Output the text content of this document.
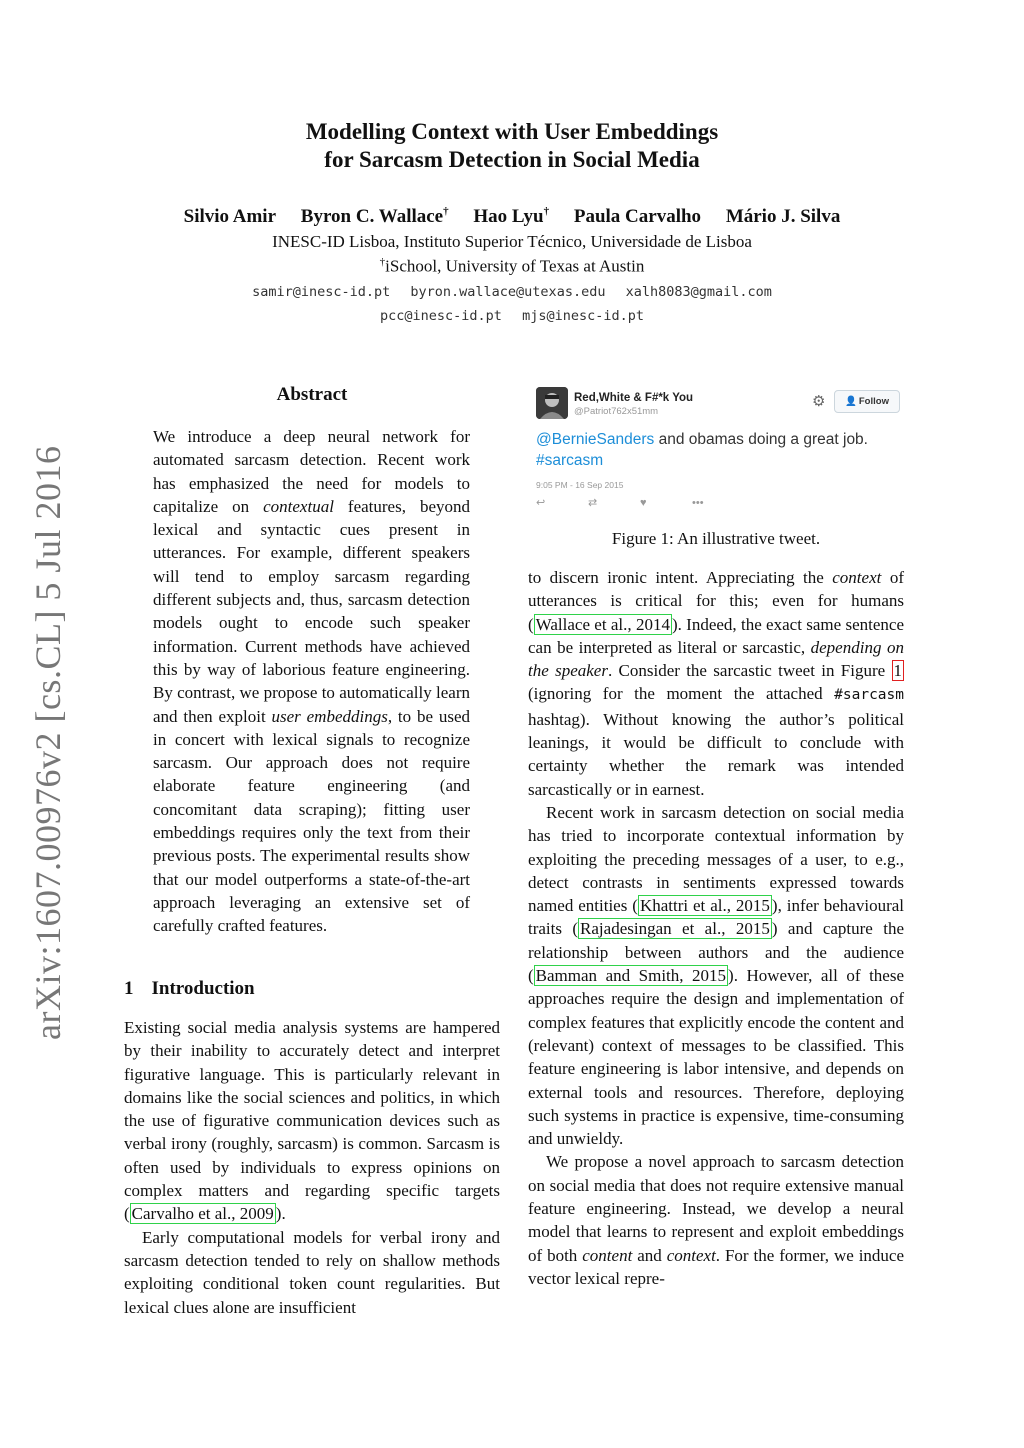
arXiv:1607.00976v2 [cs.CL] 5 Jul 2016
Modelling Context with User Embeddings
for Sarcasm Detection in Social Media
Silvio Amir Byron C. Wallace† Hao Lyu† Paula Carvalho Mário J. Silva
INESC-ID Lisboa, Instituto Superior Técnico, Universidade de Lisboa
†iSchool, University of Texas at Austin
samir@inesc-id.pt byron.wallace@utexas.edu xalh8083@gmail.com
pcc@inesc-id.pt mjs@inesc-id.pt
Abstract
We introduce a deep neural network for automated sarcasm detection. Recent work has emphasized the need for models to capitalize on contextual features, beyond lexical and syntactic cues present in utterances. For example, different speakers will tend to employ sarcasm regarding different subjects and, thus, sarcasm detection models ought to encode such speaker information. Current methods have achieved this by way of laborious feature engineering. By contrast, we propose to automatically learn and then exploit user embeddings, to be used in concert with lexical signals to recognize sarcasm. Our approach does not require elaborate feature engineering (and concomitant data scraping); fitting user embeddings requires only the text from their previous posts. The experimental results show that our model outperforms a state-of-the-art approach leveraging an extensive set of carefully crafted features.
1 Introduction

Existing social media analysis systems are hampered by their inability to accurately detect and interpret figurative language. This is particularly relevant in domains like the social sciences and politics, in which the use of figurative communication devices such as verbal irony (roughly, sarcasm) is common. Sarcasm is often used by individuals to express opinions on complex matters and regarding specific targets ( Carvalho et al., 2009 ).

Early computational models for verbal irony and sarcasm detection tended to rely on shallow methods exploiting conditional token count regularities. But lexical clues alone are insufficient

Red,White & F#*k You
@Patriot762x51mm
⚙	👤 Follow
@BernieSanders and obamas doing a great job.
#sarcasm
9:05 PM - 16 Sep 2015
↩	⇄	♥	•••
Figure 1: An illustrative tweet.

to discern ironic intent. Appreciating the context of utterances is critical for this; even for humans ( Wallace et al., 2014 ). Indeed, the exact same sentence can be interpreted as literal or sarcastic, depending on the speaker. Consider the sarcastic tweet in Figure 1 (ignoring for the moment the attached #sarcasm hashtag). Without knowing the author’s political leanings, it would be difficult to conclude with certainty whether the remark was intended sarcastically or in earnest.

Recent work in sarcasm detection on social media has tried to incorporate contextual information by exploiting the preceding messages of a user, to e.g., detect contrasts in sentiments expressed towards named entities ( Khattri et al., 2015 ), infer behavioural traits ( Rajadesingan et al., 2015 ) and capture the relationship between authors and the audience ( Bamman and Smith, 2015 ). However, all of these approaches require the design and implementation of complex features that explicitly encode the content and (relevant) context of messages to be classified. This feature engineering is labor intensive, and depends on external tools and resources. Therefore, deploying such systems in practice is expensive, time-consuming and unwieldy.

We propose a novel approach to sarcasm detection on social media that does not require extensive manual feature engineering. Instead, we develop a neural model that learns to represent and exploit embeddings of both content and context. For the former, we induce vector lexical repre-
